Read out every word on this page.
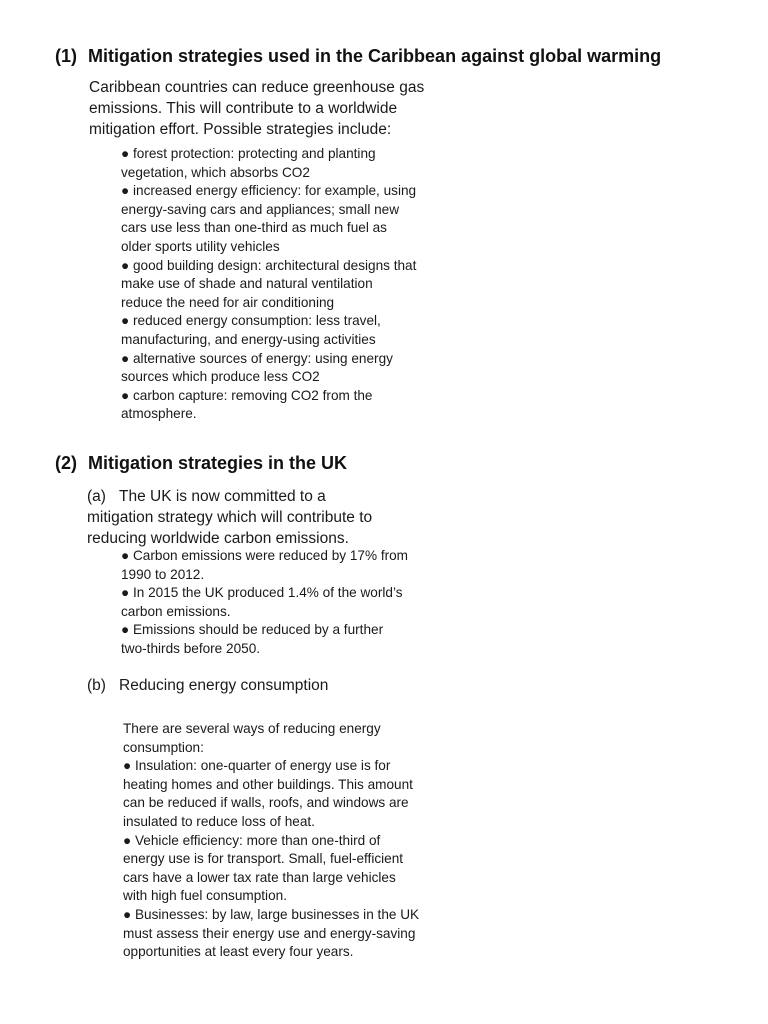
(1) Mitigation strategies used in the Caribbean against global warming
Caribbean countries can reduce greenhouse gas
emissions. This will contribute to a worldwide
mitigation effort. Possible strategies include:
● forest protection: protecting and planting
vegetation, which absorbs CO2
● increased energy efficiency: for example, using
energy-saving cars and appliances; small new
cars use less than one-third as much fuel as
older sports utility vehicles
● good building design: architectural designs that
make use of shade and natural ventilation
reduce the need for air conditioning
● reduced energy consumption: less travel,
manufacturing, and energy-using activities
● alternative sources of energy: using energy
sources which produce less CO2
● carbon capture: removing CO2 from the
atmosphere.
(2) Mitigation strategies in the UK
(a) The UK is now committed to a
mitigation strategy which will contribute to
reducing worldwide carbon emissions.
● Carbon emissions were reduced by 17% from
1990 to 2012.
● In 2015 the UK produced 1.4% of the world’s
carbon emissions.
● Emissions should be reduced by a further
two-thirds before 2050.
(b) Reducing energy consumption
There are several ways of reducing energy
consumption:
● Insulation: one-quarter of energy use is for
heating homes and other buildings. This amount
can be reduced if walls, roofs, and windows are
insulated to reduce loss of heat.
● Vehicle efficiency: more than one-third of
energy use is for transport. Small, fuel-efficient
cars have a lower tax rate than large vehicles
with high fuel consumption.
● Businesses: by law, large businesses in the UK
must assess their energy use and energy-saving
opportunities at least every four years.
